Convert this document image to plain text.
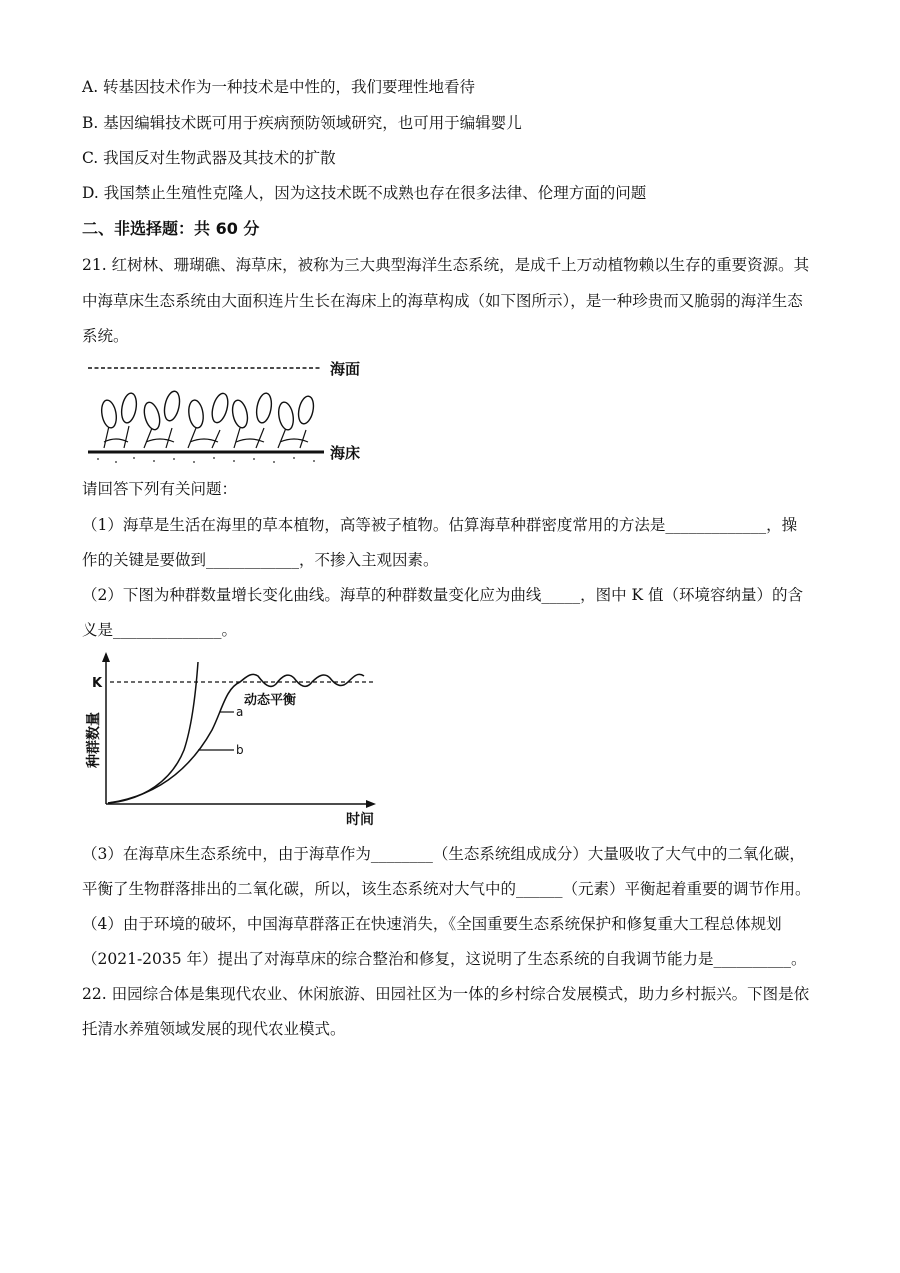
A. 转基因技术作为一种技术是中性的，我们要理性地看待
B. 基因编辑技术既可用于疾病预防领域研究，也可用于编辑婴儿
C. 我国反对生物武器及其技术的扩散
D. 我国禁止生殖性克隆人，因为这技术既不成熟也存在很多法律、伦理方面的问题
二、非选择题：共 60 分
21. 红树林、珊瑚礁、海草床，被称为三大典型海洋生态系统，是成千上万动植物赖以生存的重要资源。其
中海草床生态系统由大面积连片生长在海床上的海草构成（如下图所示），是一种珍贵而又脆弱的海洋生态
系统。
海面
海床
请回答下列有关问题：
（1）海草是生活在海里的草本植物，高等被子植物。估算海草种群密度常用的方法是_____________，操
作的关键是要做到____________，不掺入主观因素。
（2）下图为种群数量增长变化曲线。海草的种群数量变化应为曲线_____，图中 K 值（环境容纳量）的含
义是______________。
K
动态平衡
a
b
时间
种群数量
（3）在海草床生态系统中，由于海草作为________（生态系统组成成分）大量吸收了大气中的二氧化碳，
平衡了生物群落排出的二氧化碳，所以，该生态系统对大气中的______（元素）平衡起着重要的调节作用。
（4）由于环境的破坏，中国海草群落正在快速消失，《全国重要生态系统保护和修复重大工程总体规划
（2021-2035 年）提出了对海草床的综合整治和修复，这说明了生态系统的自我调节能力是__________。
22. 田园综合体是集现代农业、休闲旅游、田园社区为一体的乡村综合发展模式，助力乡村振兴。下图是依
托清水养殖领域发展的现代农业模式。
